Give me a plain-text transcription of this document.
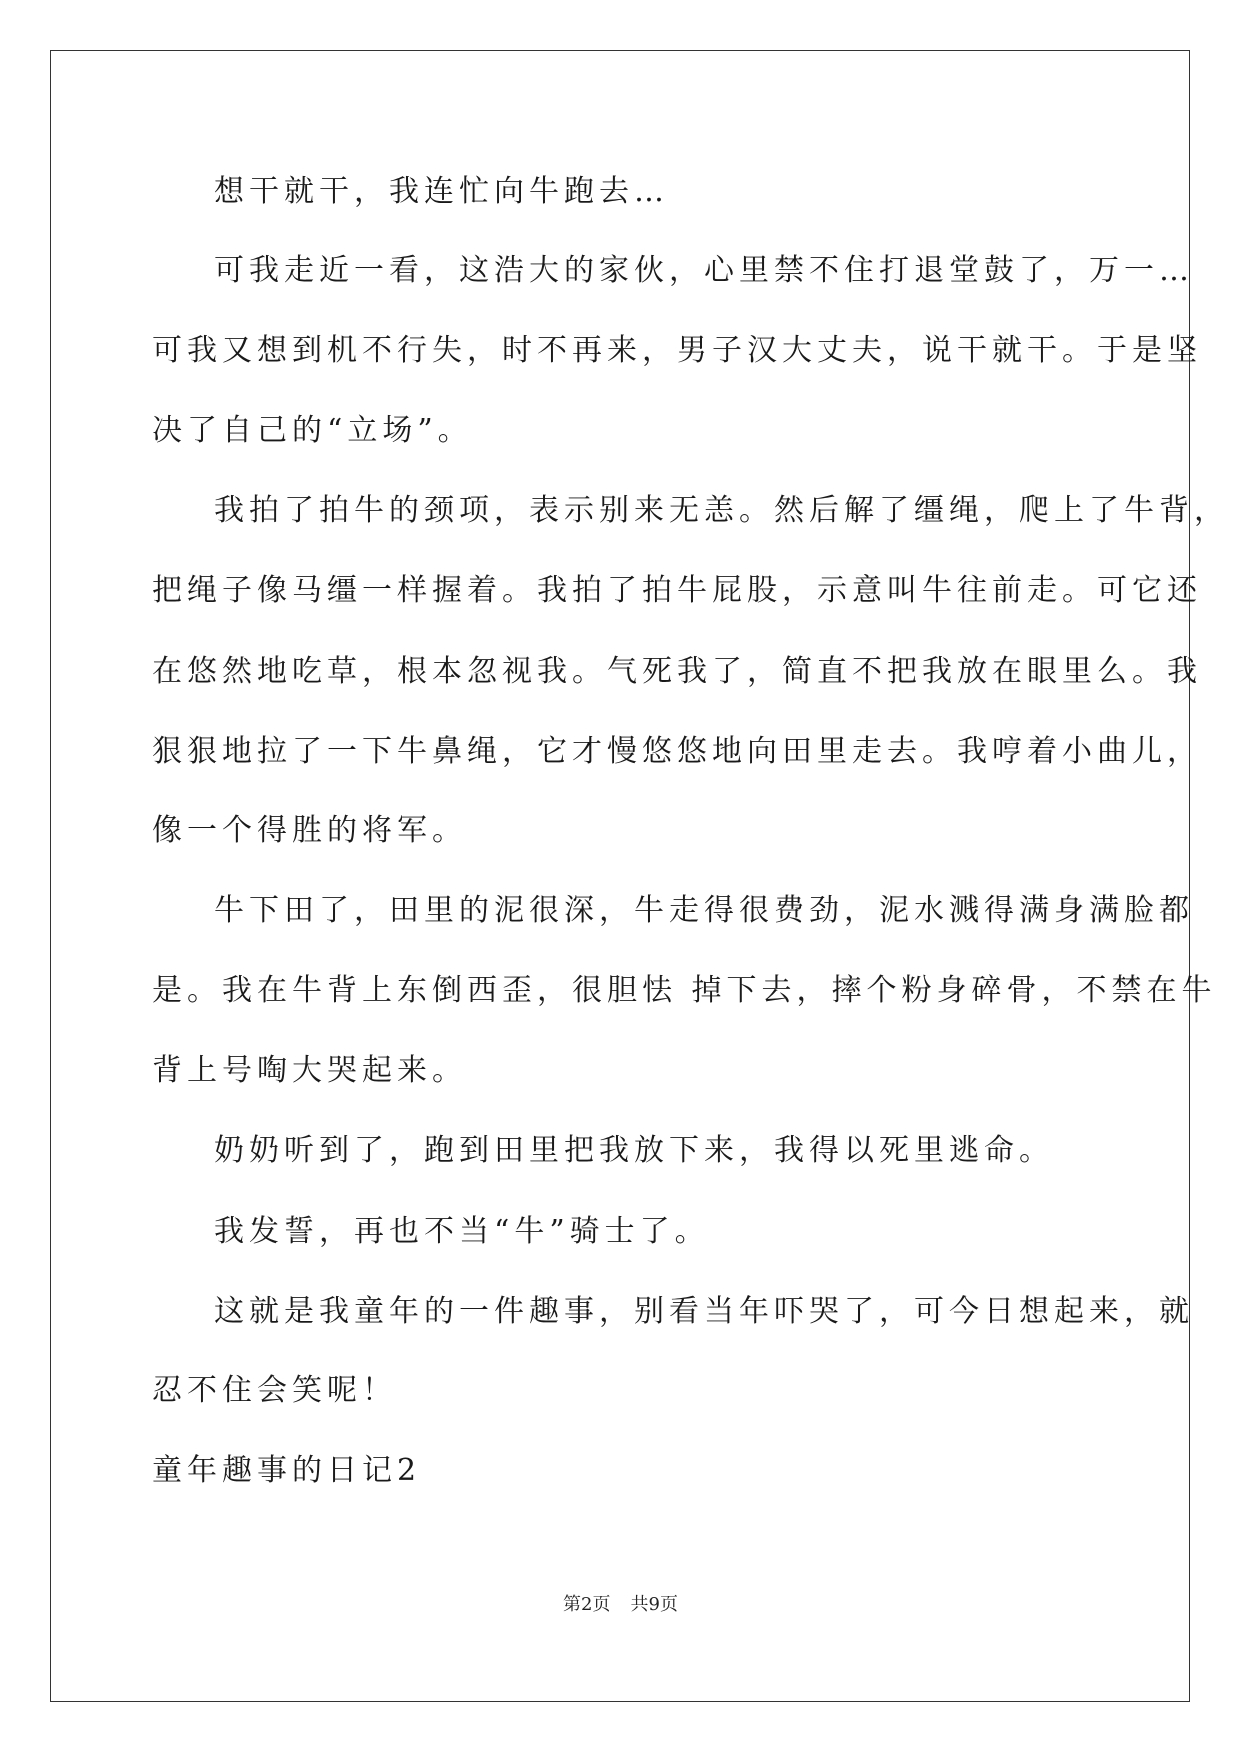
想干就干，我连忙向牛跑去…
可我走近一看，这浩大的家伙，心里禁不住打退堂鼓了，万一…
可我又想到机不行失，时不再来，男子汉大丈夫，说干就干。于是坚
决了自己的“立场”。
我拍了拍牛的颈项，表示别来无恙。然后解了缰绳，爬上了牛背，
把绳子像马缰一样握着。我拍了拍牛屁股，示意叫牛往前走。可它还
在悠然地吃草，根本忽视我。气死我了，简直不把我放在眼里么。我
狠狠地拉了一下牛鼻绳，它才慢悠悠地向田里走去。我哼着小曲儿，
像一个得胜的将军。
牛下田了，田里的泥很深，牛走得很费劲，泥水溅得满身满脸都
是。我在牛背上东倒西歪，很胆怯 掉下去，摔个粉身碎骨，不禁在牛
背上号啕大哭起来。
奶奶听到了，跑到田里把我放下来，我得以死里逃命。
我发誓，再也不当“牛”骑士了。
这就是我童年的一件趣事，别看当年吓哭了，可今日想起来，就
忍不住会笑呢！
童年趣事的日记2
第2页 共9页
